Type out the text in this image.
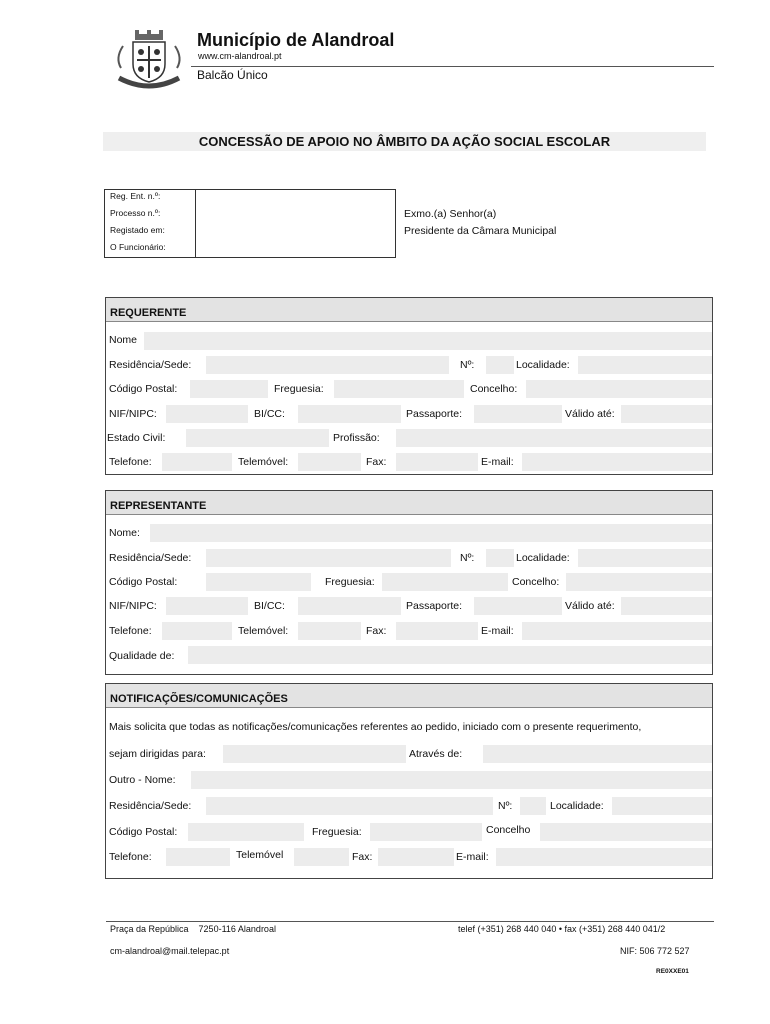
Município de Alandroal
www.cm-alandroal.pt
Balcão Único
CONCESSÃO DE APOIO NO ÂMBITO DA AÇÃO SOCIAL ESCOLAR
Reg. Ent. n.º:
Processo n.º:
Registado em:
O Funcionário:
Exmo.(a) Senhor(a)
Presidente da Câmara Municipal
REQUERENTE
Nome
Residência/Sede:	Nº:	Localidade:
Código Postal:	Freguesia:	Concelho:
NIF/NIPC:	BI/CC:	Passaporte:	Válido até:
Estado Civil:	Profissão:
Telefone:	Telemóvel:	Fax:	E-mail:
REPRESENTANTE
Nome:
Residência/Sede:	Nº:	Localidade:
Código Postal:	Freguesia:	Concelho:
NIF/NIPC:	BI/CC:	Passaporte:	Válido até:
Telefone:	Telemóvel:	Fax:	E-mail:
Qualidade de:
NOTIFICAÇÕES/COMUNICAÇÕES
Mais solicita que todas as notificações/comunicações referentes ao pedido, iniciado com o presente requerimento,
sejam dirigidas para:	Através de:
Outro - Nome:
Residência/Sede:	Nº:	Localidade:
Código Postal:	Freguesia:	Concelho
Telefone:	Telemóvel	Fax:	E-mail:
Praça da República    7250-116 Alandroal	telef (+351) 268 440 040 • fax (+351) 268 440 041/2
cm-alandroal@mail.telepac.pt	NIF: 506 772 527
RE0XXE01
